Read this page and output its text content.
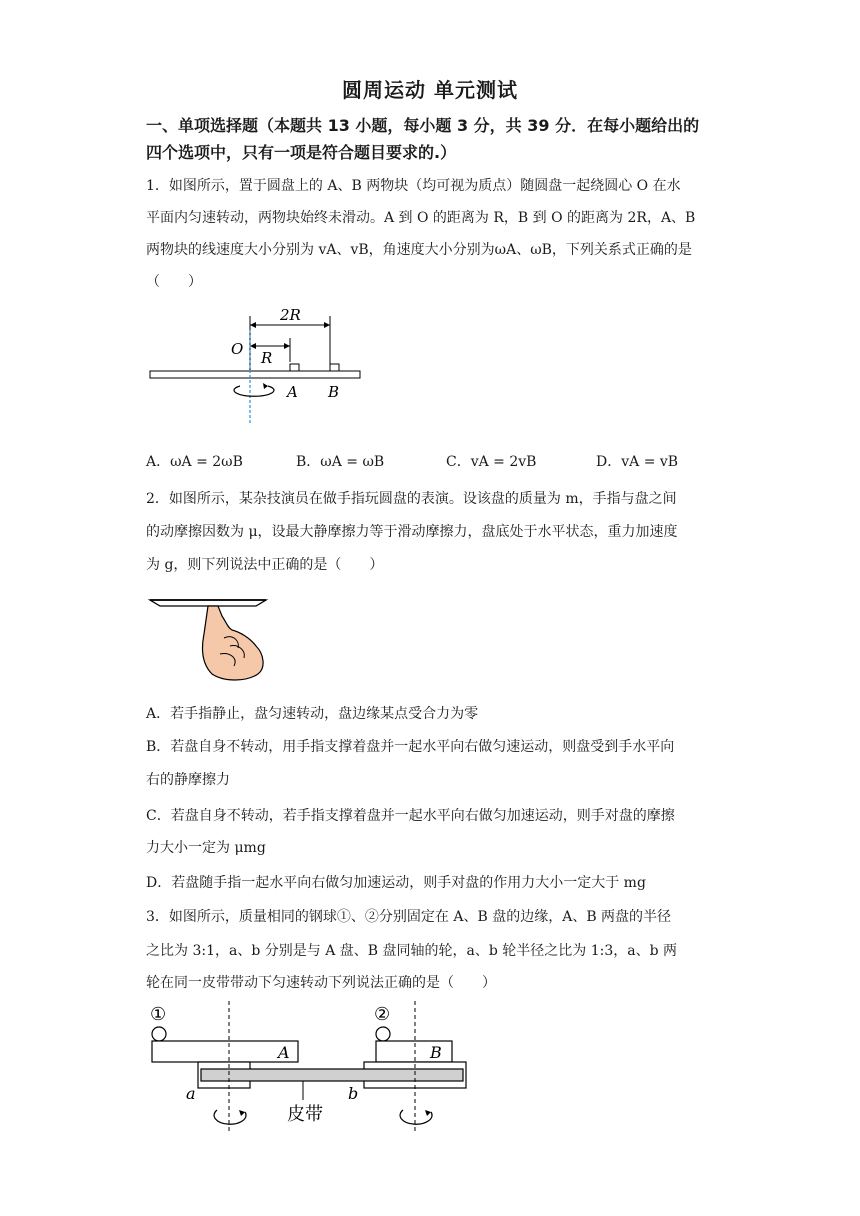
圆周运动 单元测试
一、单项选择题（本题共 13 小题，每小题 3 分，共 39 分．在每小题给出的
四个选项中，只有一项是符合题目要求的.）
1．如图所示，置于圆盘上的 A、B 两物块（均可视为质点）随圆盘一起绕圆心 O 在水
平面内匀速转动，两物块始终未滑动。A 到 O 的距离为 R，B 到 O 的距离为 2R，A、B
两物块的线速度大小分别为 vA、vB，角速度大小分别为ωA、ωB，下列关系式正确的是
（　　）
2R
O R
A B
A．ωA = 2ωB	B．ωA = ωB	C．vA = 2vB	D．vA = vB
2．如图所示，某杂技演员在做手指玩圆盘的表演。设该盘的质量为 m，手指与盘之间
的动摩擦因数为 μ，设最大静摩擦力等于滑动摩擦力，盘底处于水平状态，重力加速度
为 g，则下列说法中正确的是（　　）
A．若手指静止，盘匀速转动，盘边缘某点受合力为零
B．若盘自身不转动，用手指支撑着盘并一起水平向右做匀速运动，则盘受到手水平向
右的静摩擦力
C．若盘自身不转动，若手指支撑着盘并一起水平向右做匀加速运动，则手对盘的摩擦
力大小一定为 μmg
D．若盘随手指一起水平向右做匀加速运动，则手对盘的作用力大小一定大于 mg
3．如图所示，质量相同的钢球①、②分别固定在 A、B 盘的边缘，A、B 两盘的半径
之比为 3:1，a、b 分别是与 A 盘、B 盘同轴的轮，a、b 轮半径之比为 1:3，a、b 两
轮在同一皮带带动下匀速转动下列说法正确的是（　　）
①
A
②
B
a	b
皮带
